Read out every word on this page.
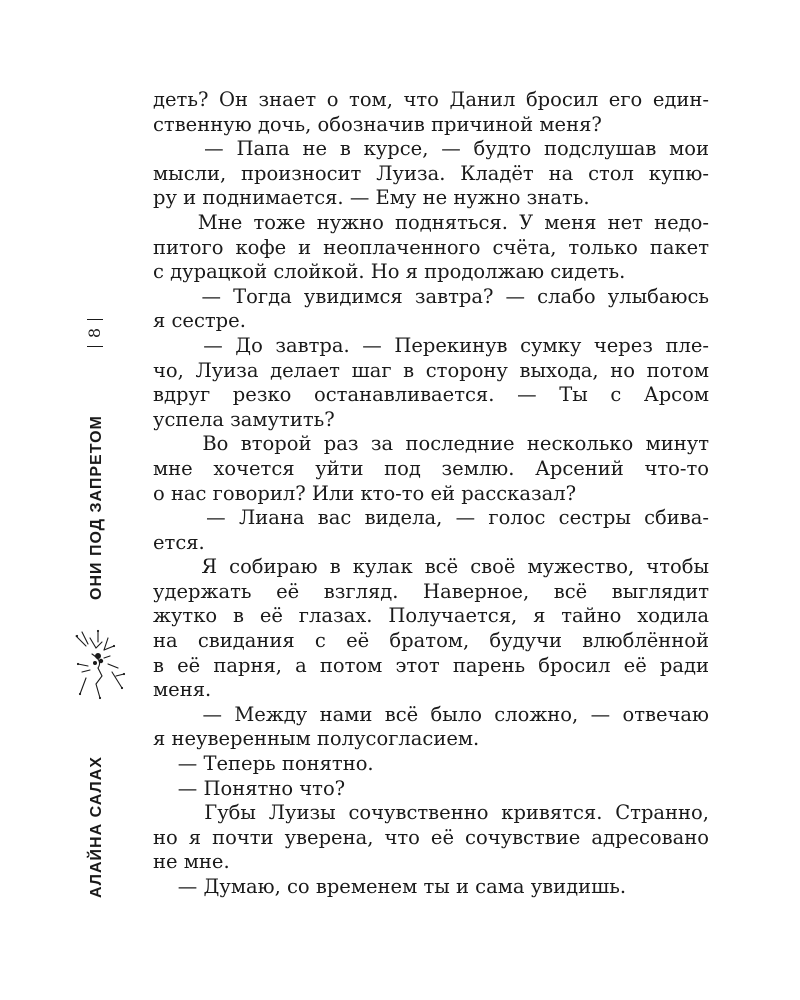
8
ОНИ ПОД ЗАПРЕТОМ
АЛАЙНА САЛАХ
деть? Он знает о том, что Данил бросил его един-
ственную дочь, обозначив причиной меня?
— Папа не в курсе, — будто подслушав мои
мысли, произносит Луиза. Кладёт на стол купю-
ру и поднимается. — Ему не нужно знать.
Мне тоже нужно подняться. У меня нет недо-
питого кофе и неоплаченного счёта, только пакет
с дурацкой слойкой. Но я продолжаю сидеть.
— Тогда увидимся завтра? — слабо улыбаюсь
я сестре.
— До завтра. — Перекинув сумку через пле-
чо, Луиза делает шаг в сторону выхода, но потом
вдруг резко останавливается. — Ты с Арсом
успела замутить?
Во второй раз за последние несколько минут
мне хочется уйти под землю. Арсений что-то
о нас говорил? Или кто-то ей рассказал?
— Лиана вас видела, — голос сестры сбива-
ется.
Я собираю в кулак всё своё мужество, чтобы
удержать её взгляд. Наверное, всё выглядит
жутко в её глазах. Получается, я тайно ходила
на свидания с её братом, будучи влюблённой
в её парня, а потом этот парень бросил её ради
меня.
— Между нами всё было сложно, — отвечаю
я неуверенным полусогласием.
— Теперь понятно.
— Понятно что?
Губы Луизы сочувственно кривятся. Странно,
но я почти уверена, что её сочувствие адресовано
не мне.
— Думаю, со временем ты и сама увидишь.
